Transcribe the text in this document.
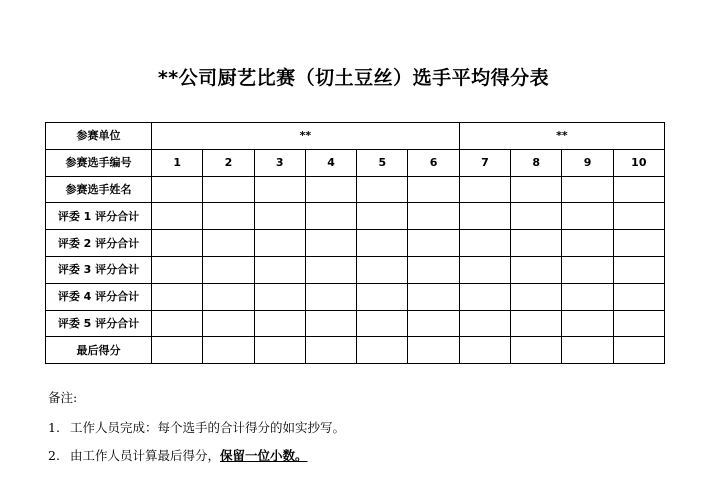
**公司厨艺比赛（切土豆丝）选手平均得分表
参赛单位	**						**			
参赛选手编号	1	2	3	4	5	6	7	8	9	10
参赛选手姓名										
评委 1 评分合计										
评委 2 评分合计										
评委 3 评分合计										
评委 4 评分合计										
评委 5 评分合计										
最后得分										
备注:
1. 工作人员完成：每个选手的合计得分的如实抄写。
2. 由工作人员计算最后得分，保留一位小数。
